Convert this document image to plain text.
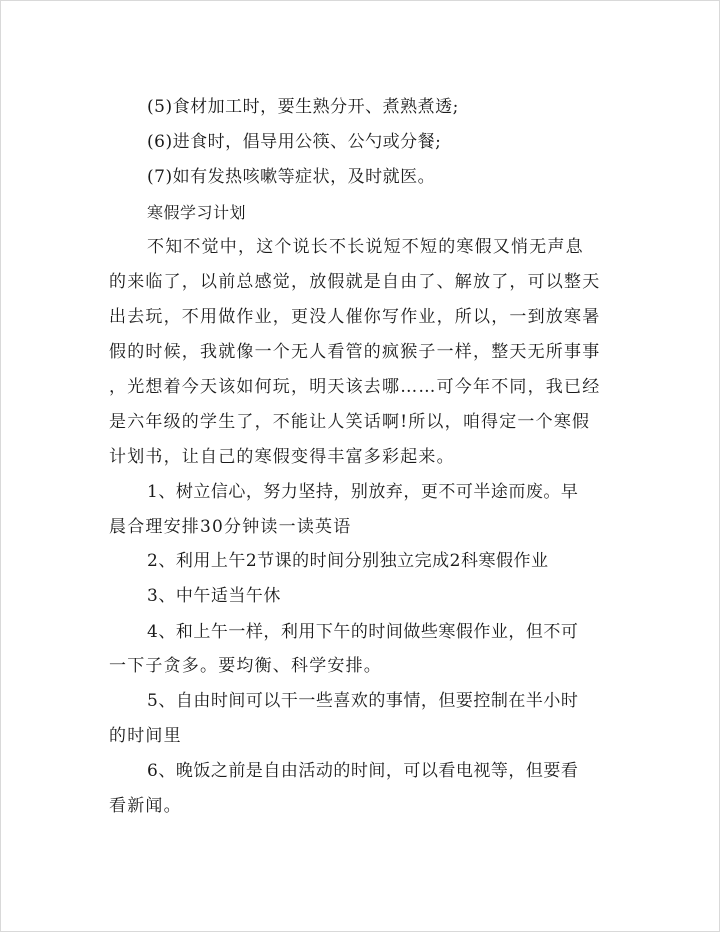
(5)食材加工时，要生熟分开、煮熟煮透;
(6)进食时，倡导用公筷、公勺或分餐;
(7)如有发热咳嗽等症状，及时就医。
寒假学习计划
不知不觉中，这个说长不长说短不短的寒假又悄无声息
的来临了，以前总感觉，放假就是自由了、解放了，可以整天
出去玩，不用做作业，更没人催你写作业，所以，一到放寒暑
假的时候，我就像一个无人看管的疯猴子一样，整天无所事事
，光想着今天该如何玩，明天该去哪……可今年不同，我已经
是六年级的学生了，不能让人笑话啊!所以，咱得定一个寒假
计划书，让自己的寒假变得丰富多彩起来。
1、树立信心，努力坚持，别放弃，更不可半途而废。早
晨合理安排30分钟读一读英语
2、利用上午2节课的时间分别独立完成2科寒假作业
3、中午适当午休
4、和上午一样，利用下午的时间做些寒假作业，但不可
一下子贪多。要均衡、科学安排。
5、自由时间可以干一些喜欢的事情，但要控制在半小时
的时间里
6、晚饭之前是自由活动的时间，可以看电视等，但要看
看新闻。
